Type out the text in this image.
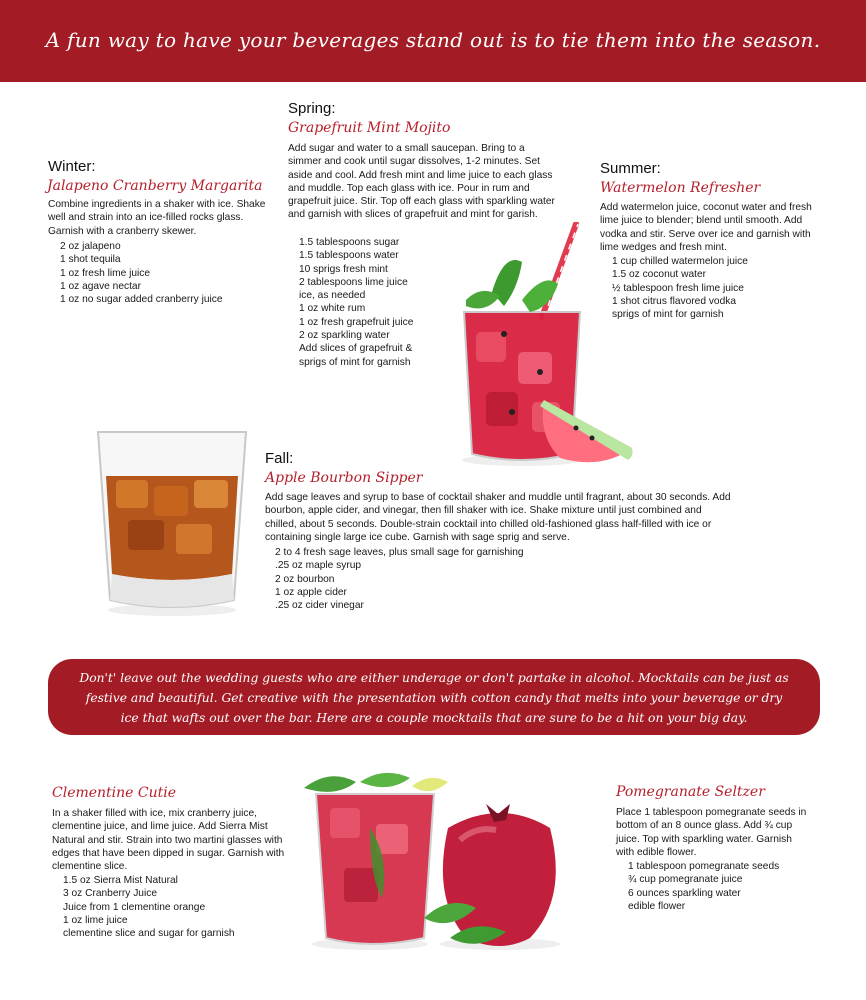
A fun way to have your beverages stand out is to tie them into the season.
Spring:
Grapefruit Mint Mojito
Add sugar and water to a small saucepan. Bring to a simmer and cook until sugar dissolves, 1-2 minutes. Set aside and cool. Add fresh mint and lime juice to each glass and muddle. Top each glass with ice. Pour in rum and grapefruit juice. Stir. Top off each glass with sparkling water and garnish with slices of grapefruit and mint for garish.
1.5 tablespoons sugar
1.5 tablespoons water
10 sprigs fresh mint
2 tablespoons lime juice
ice, as needed
1 oz white rum
1 oz fresh grapefruit juice
2 oz sparkling water
Add slices of grapefruit &
sprigs of mint for garnish
Winter:
Jalapeno Cranberry Margarita
Combine ingredients in a shaker with ice. Shake well and strain into an ice-filled rocks glass. Garnish with a cranberry skewer.
2 oz jalapeno
1 shot tequila
1 oz fresh lime juice
1 oz agave nectar
1 oz no sugar added cranberry juice
Summer:
Watermelon Refresher
Add watermelon juice, coconut water and fresh lime juice to blender; blend until smooth. Add vodka and stir. Serve over ice and garnish with lime wedges and fresh mint.
1 cup chilled watermelon juice
1.5 oz coconut water
½ tablespoon fresh lime juice
1 shot citrus flavored vodka
sprigs of mint for garnish
Fall:
Apple Bourbon Sipper
Add sage leaves and syrup to base of cocktail shaker and muddle until fragrant, about 30 seconds. Add bourbon, apple cider, and vinegar, then fill shaker with ice. Shake mixture until just combined and chilled, about 5 seconds. Double-strain cocktail into chilled old-fashioned glass half-filled with ice or containing single large ice cube. Garnish with sage sprig and serve.
2 to 4 fresh sage leaves, plus small sage for garnishing
.25 oz maple syrup
2 oz bourbon
1 oz apple cider
.25 oz cider vinegar
Don't' leave out the wedding guests who are either underage or don't partake in alcohol. Mocktails can be just as festive and beautiful. Get creative with the presentation with cotton candy that melts into your beverage or dry ice that wafts out over the bar. Here are a couple mocktails that are sure to be a hit on your big day.
Clementine Cutie
In a shaker filled with ice, mix cranberry juice, clementine juice, and lime juice. Add Sierra Mist Natural and stir. Strain into two martini glasses with edges that have been dipped in sugar. Garnish with clementine slice.
1.5 oz Sierra Mist Natural
3 oz Cranberry Juice
Juice from 1 clementine orange
1 oz lime juice
clementine slice and sugar for garnish
Pomegranate Seltzer
Place 1 tablespoon pomegranate seeds in bottom of an 8 ounce glass. Add ¾ cup juice. Top with sparkling water. Garnish with edible flower.
1 tablespoon pomegranate seeds
¾ cup pomegranate juice
6 ounces sparkling water
edible flower
